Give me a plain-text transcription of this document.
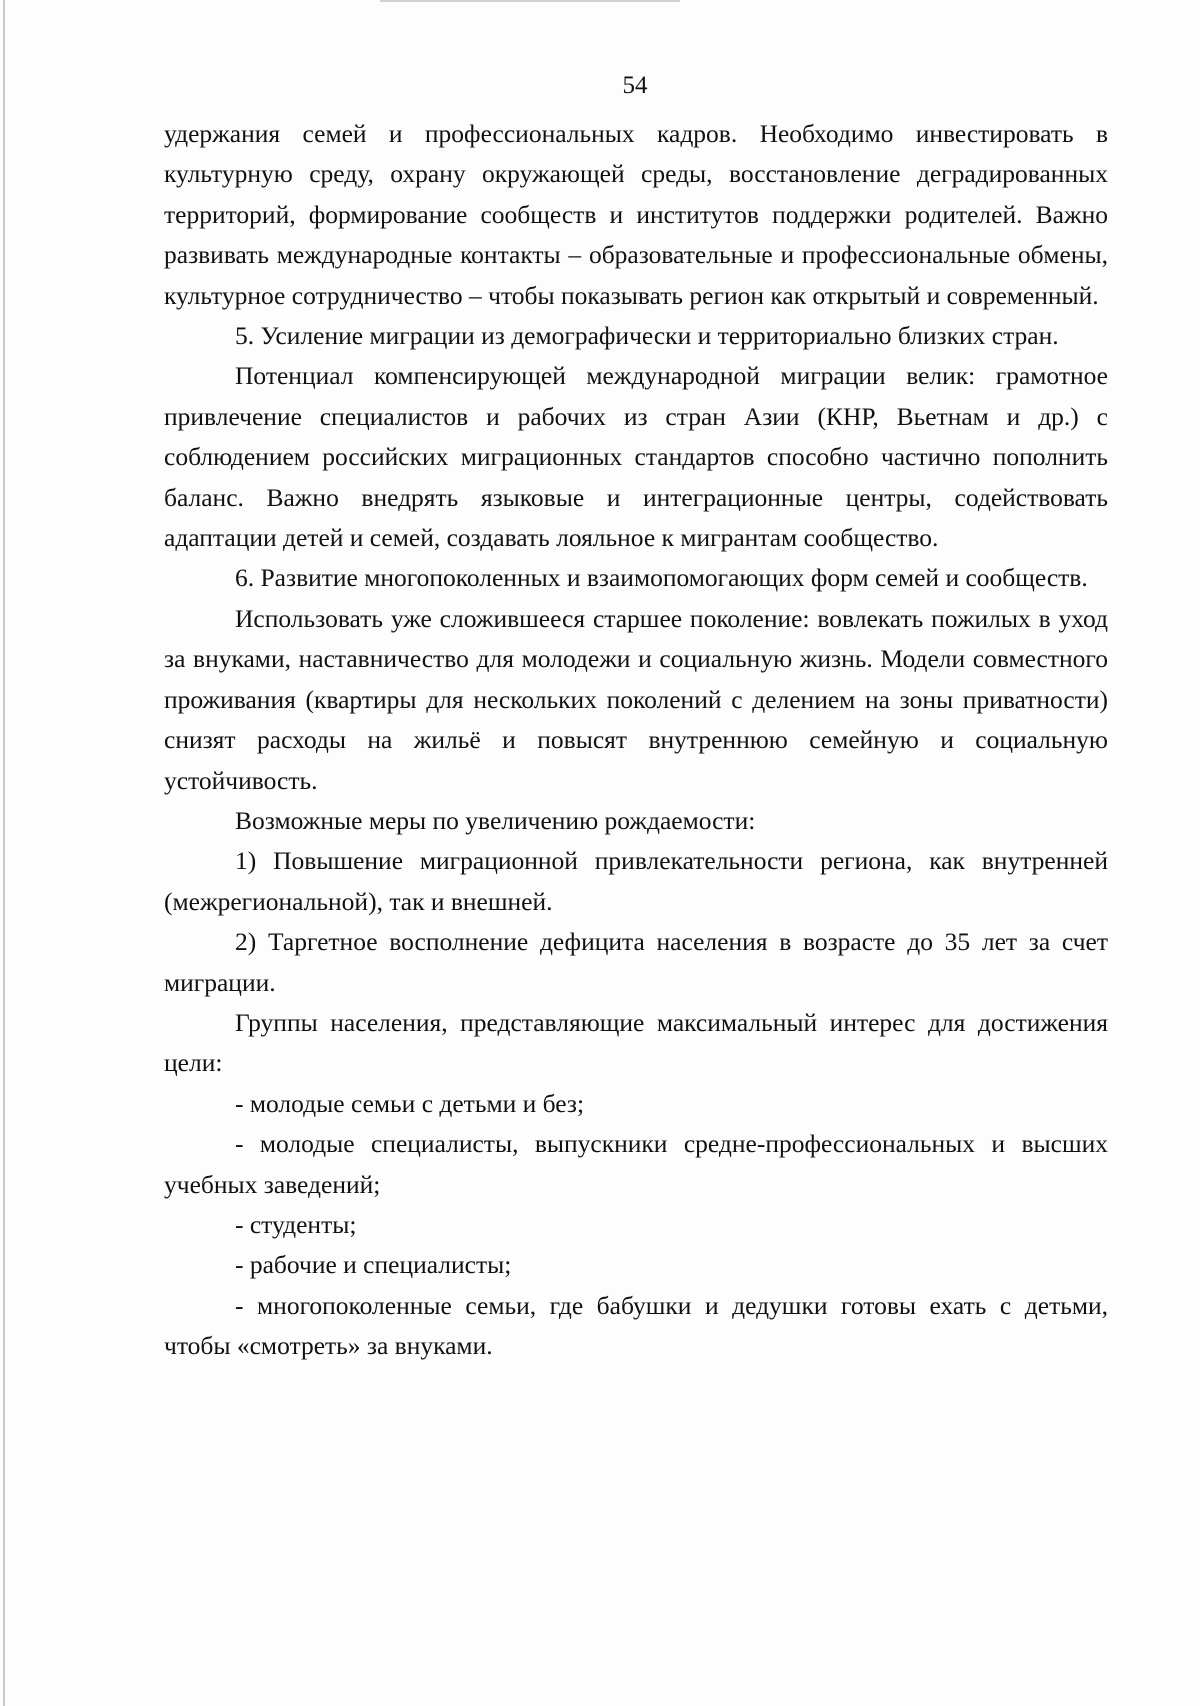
54

удержания семей и профессиональных кадров. Необходимо инвестировать в культурную среду, охрану окружающей среды, восстановление деградированных территорий, формирование сообществ и институтов поддержки родителей. Важно развивать международные контакты – образовательные и профессиональные обмены, культурное сотрудничество – чтобы показывать регион как открытый и современный.

5. Усиление миграции из демографически и территориально близких стран.

Потенциал компенсирующей международной миграции велик: грамотное привлечение специалистов и рабочих из стран Азии (КНР, Вьетнам и др.) с соблюдением российских миграционных стандартов способно частично пополнить баланс. Важно внедрять языковые и интеграционные центры, содействовать адаптации детей и семей, создавать лояльное к мигрантам сообщество.

6. Развитие многопоколенных и взаимопомогающих форм семей и сообществ.

Использовать уже сложившееся старшее поколение: вовлекать пожилых в уход за внуками, наставничество для молодежи и социальную жизнь. Модели совместного проживания (квартиры для нескольких поколений с делением на зоны приватности) снизят расходы на жильё и повысят внутреннюю семейную и социальную устойчивость.

Возможные меры по увеличению рождаемости:

1) Повышение миграционной привлекательности региона, как внутренней (межрегиональной), так и внешней.

2) Таргетное восполнение дефицита населения в возрасте до 35 лет за счет миграции.

Группы населения, представляющие максимальный интерес для достижения цели:

- молодые семьи с детьми и без;

- молодые специалисты, выпускники средне-профессиональных и высших учебных заведений;

- студенты;

- рабочие и специалисты;

- многопоколенные семьи, где бабушки и дедушки готовы ехать с детьми, чтобы «смотреть» за внуками.
